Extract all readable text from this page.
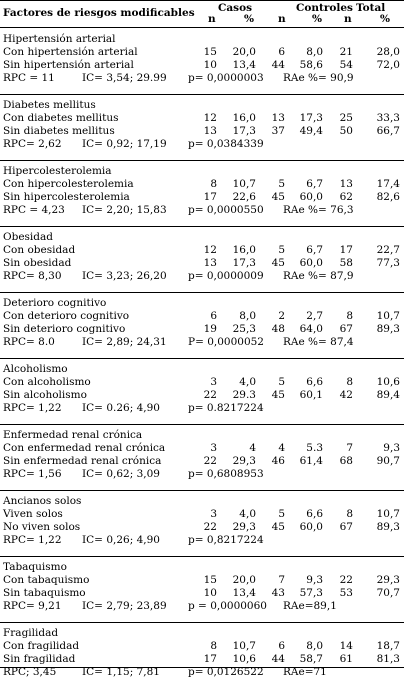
Factores de riesgos modificables Casos	Controles Total
n	% n	% n	%
Hipertensión arterial
Con hipertensión arterial	15 20,0 6 8,0 21 28,0
Sin hipertensión arterial	10 13,4 44 58,6 54 72,0
RPC = 11	IC= 3,54; 29.99 p= 0,0000003 RAe %= 90,9
Diabetes mellitus
Con diabetes mellitus	12 16,0 13 17,3 25 33,3
Sin diabetes mellitus	13 17,3 37 49,4 50 66,7
RPC= 2,62 IC= 0,92; 17,19 p= 0,0384339
Hipercolesterolemia
Con hipercolesterolemia	8 10,7 5 6,7 13 17,4
Sin hipercolesterolemia	17 22,6 45 60,0 62 82,6
RPC = 4,23 IC= 2,20; 15,83 p= 0,0000550 RAe %= 76,3
Obesidad
Con obesidad	12 16,0 5 6,7 17 22,7
Sin obesidad	13 17,3 45 60,0 58 77,3
RPC= 8,30 IC= 3,23; 26,20 p= 0,0000009 RAe %= 87,9
Deterioro cognitivo
Con deterioro cognitivo	6 8,0 2 2,7 8 10,7
Sin deterioro cognitivo	19 25,3 48 64,0 67 89,3
RPC= 8.0	IC= 2,89; 24,31 P= 0,0000052 RAe %= 87,4
Alcoholismo
Con alcoholismo	3 4,0 5 6,6 8 10,6
Sin alcoholismo	22 29.3 45 60,1 42 89,4
RPC= 1,22 IC= 0.26; 4,90	p= 0.8217224
Enfermedad renal crónica
Con enfermedad renal crónica	3	4 4 5.3 7	9,3
Sin enfermedad renal crónica	22 29,3 46 61,4 68 90,7
RPC= 1,56 IC= 0,62; 3,09	p= 0,6808953
Ancianos solos
Viven solos	3 4,0 5 6,6 8 10,7
No viven solos	22 29,3 45 60,0 67 89,3
RPC= 1,22 IC= 0,26; 4,90	p= 0,8217224
Tabaquismo
Con tabaquismo	15 20,0 7 9,3 22 29,3
Sin tabaquismo	10 13,4 43 57,3 53 70,7
RPC= 9,21 IC= 2,79; 23,89 p = 0,0000060 RAe=89,1
Fragilidad
Con fragilidad	8 10,7 6 8,0 14 18,7
Sin fragilidad	17 10,6 44 58,7 61 81,3
RPC; 3,45 IC= 1,15; 7,81	p= 0,0126522 RAe=71
